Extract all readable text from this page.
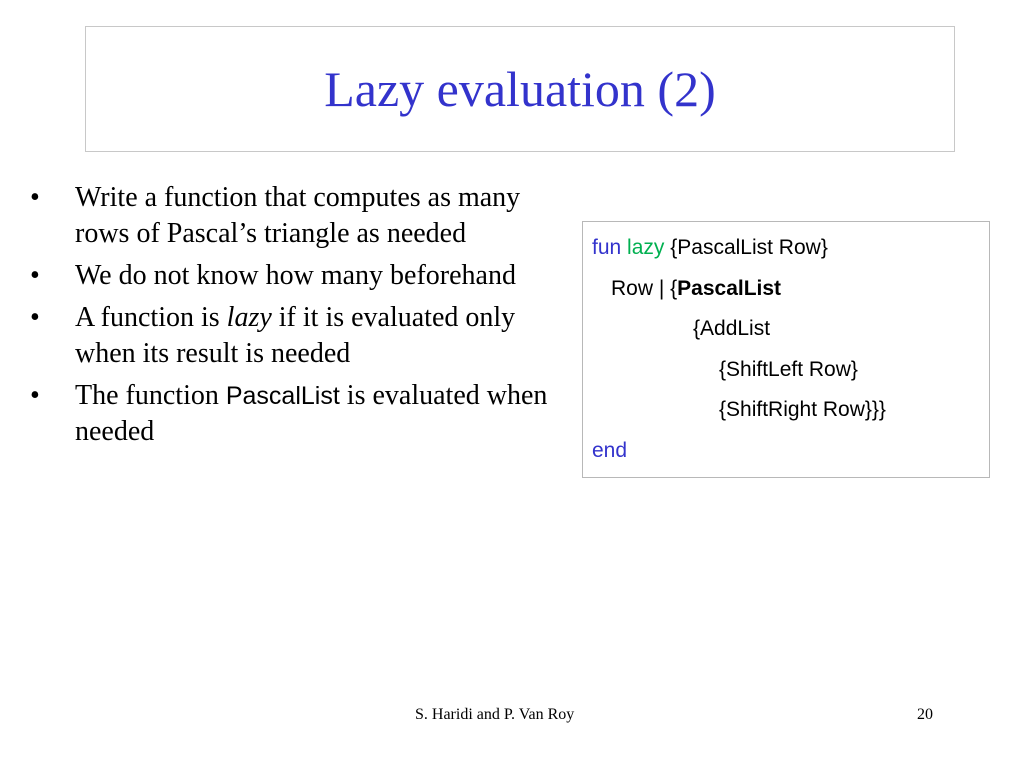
Lazy evaluation (2)
• Write a function that computes as many rows of Pascal’s triangle as needed
• We do not know how many beforehand
• A function is lazy if it is evaluated only when its result is needed
• The function PascalList is evaluated when needed
fun lazy {PascalList Row}
Row | {PascalList
{AddList
{ShiftLeft Row}
{ShiftRight Row}}}
end
S. Haridi and P. Van Roy	20
